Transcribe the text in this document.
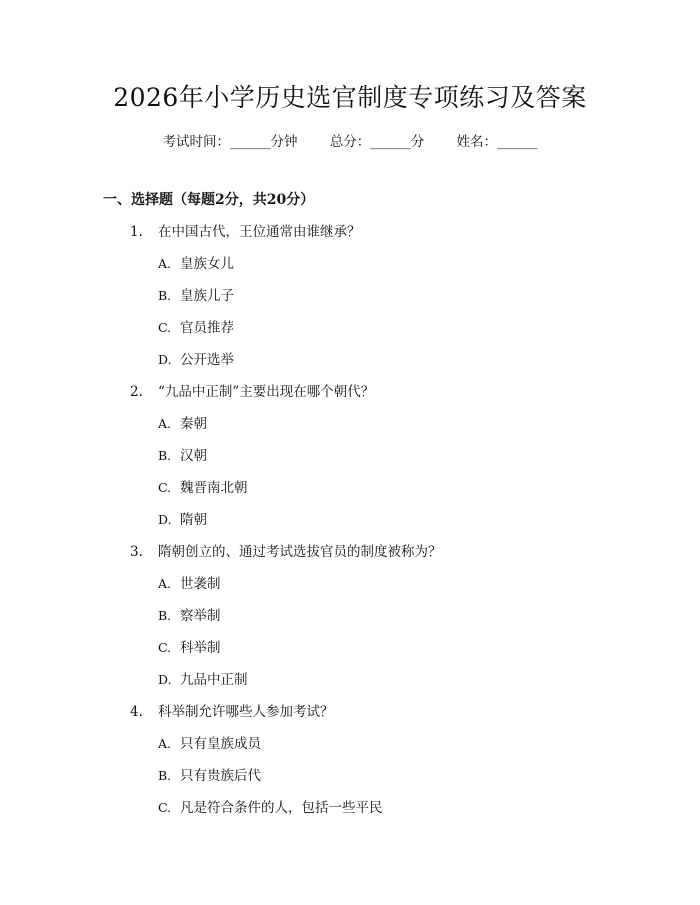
2026年小学历史选官制度专项练习及答案
考试时间：______分钟 总分：______分 姓名：______
一、选择题（每题2分，共20分）
1. 在中国古代，王位通常由谁继承？
A. 皇族女儿
B. 皇族儿子
C. 官员推荐
D. 公开选举
2. “九品中正制”主要出现在哪个朝代？
A. 秦朝
B. 汉朝
C. 魏晋南北朝
D. 隋朝
3. 隋朝创立的、通过考试选拔官员的制度被称为？
A. 世袭制
B. 察举制
C. 科举制
D. 九品中正制
4. 科举制允许哪些人参加考试？
A. 只有皇族成员
B. 只有贵族后代
C. 凡是符合条件的人，包括一些平民
